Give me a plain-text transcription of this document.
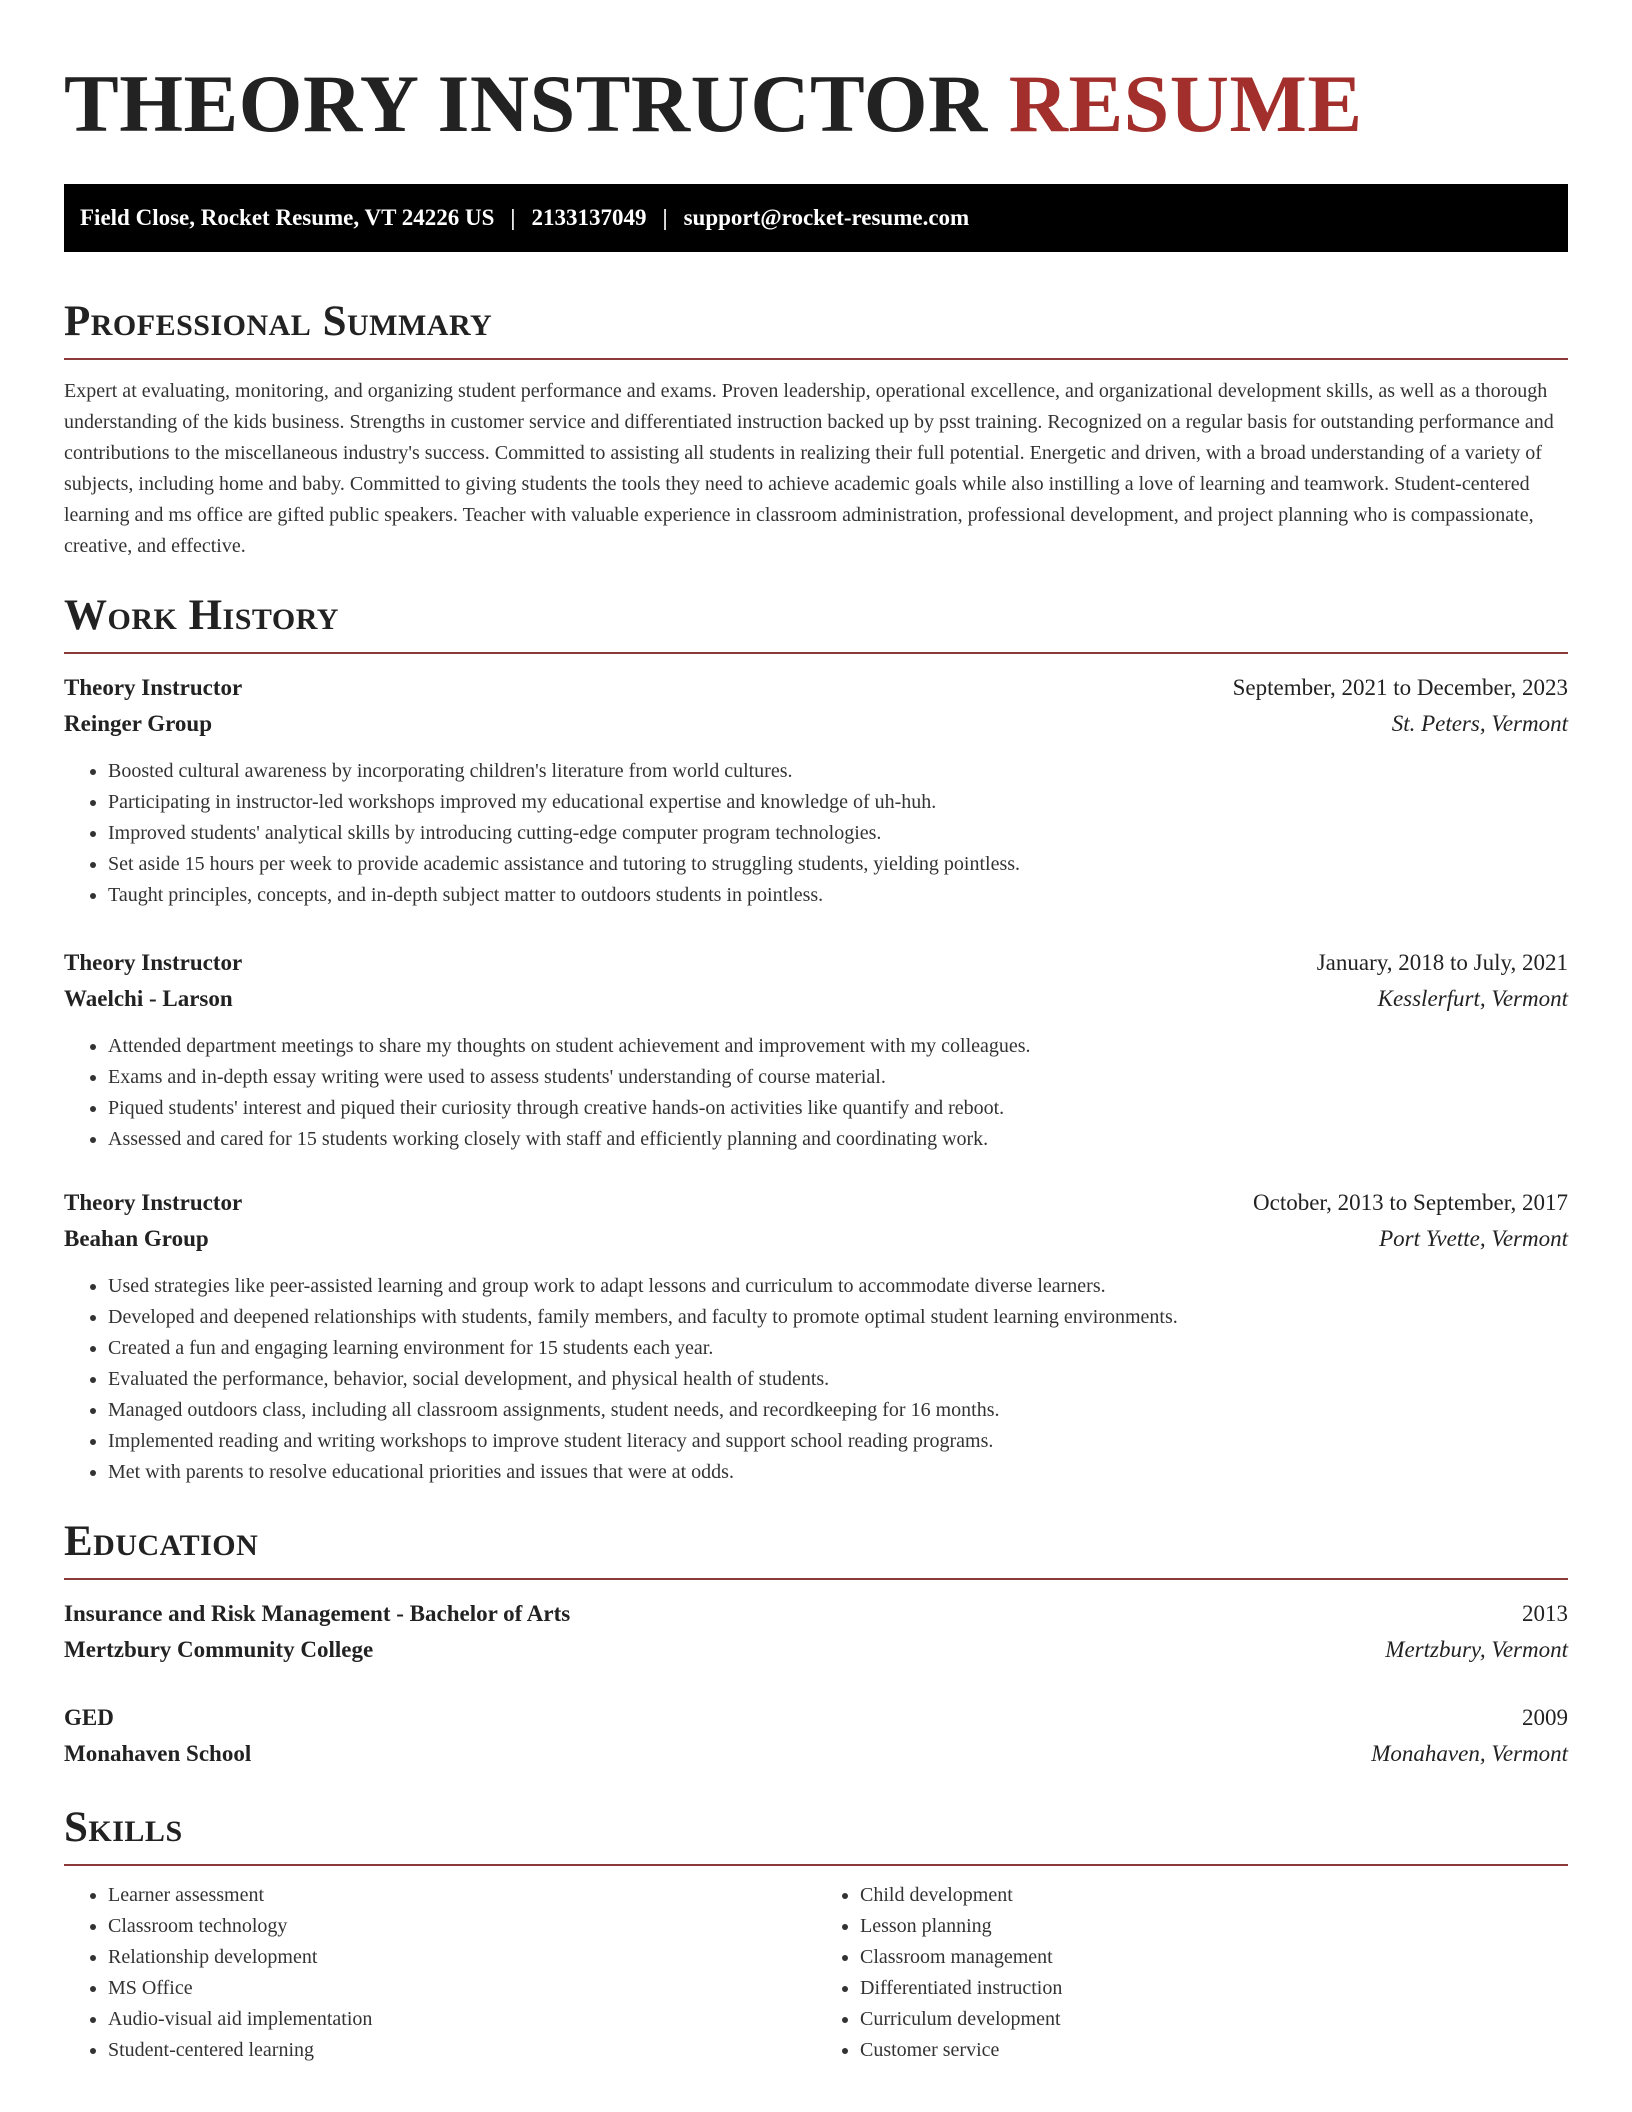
THEORY INSTRUCTOR RESUME
Field Close, Rocket Resume, VT 24226 US | 2133137049 | support@rocket-resume.com
Professional Summary

Expert at evaluating, monitoring, and organizing student performance and exams. Proven leadership, operational excellence, and organizational development skills, as well as a thorough understanding of the kids business. Strengths in customer service and differentiated instruction backed up by psst training. Recognized on a regular basis for outstanding performance and contributions to the miscellaneous industry's success. Committed to assisting all students in realizing their full potential. Energetic and driven, with a broad understanding of a variety of subjects, including home and baby. Committed to giving students the tools they need to achieve academic goals while also instilling a love of learning and teamwork. Student-centered learning and ms office are gifted public speakers. Teacher with valuable experience in classroom administration, professional development, and project planning who is compassionate, creative, and effective.

Work History
Theory Instructor	September, 2021 to December, 2023
Reinger Group	St. Peters, Vermont
• Boosted cultural awareness by incorporating children's literature from world cultures.
• Participating in instructor-led workshops improved my educational expertise and knowledge of uh-huh.
• Improved students' analytical skills by introducing cutting-edge computer program technologies.
• Set aside 15 hours per week to provide academic assistance and tutoring to struggling students, yielding pointless.
• Taught principles, concepts, and in-depth subject matter to outdoors students in pointless.
Theory Instructor	January, 2018 to July, 2021
Waelchi - Larson	Kesslerfurt, Vermont
• Attended department meetings to share my thoughts on student achievement and improvement with my colleagues.
• Exams and in-depth essay writing were used to assess students' understanding of course material.
• Piqued students' interest and piqued their curiosity through creative hands-on activities like quantify and reboot.
• Assessed and cared for 15 students working closely with staff and efficiently planning and coordinating work.
Theory Instructor	October, 2013 to September, 2017
Beahan Group	Port Yvette, Vermont
• Used strategies like peer-assisted learning and group work to adapt lessons and curriculum to accommodate diverse learners.
• Developed and deepened relationships with students, family members, and faculty to promote optimal student learning environments.
• Created a fun and engaging learning environment for 15 students each year.
• Evaluated the performance, behavior, social development, and physical health of students.
• Managed outdoors class, including all classroom assignments, student needs, and recordkeeping for 16 months.
• Implemented reading and writing workshops to improve student literacy and support school reading programs.
• Met with parents to resolve educational priorities and issues that were at odds.
Education
Insurance and Risk Management - Bachelor of Arts	2013
Mertzbury Community College	Mertzbury, Vermont
GED	2009
Monahaven School	Monahaven, Vermont
Skills
• Learner assessment
• Classroom technology
• Relationship development
• MS Office
• Audio-visual aid implementation
• Student-centered learning
• Child development
• Lesson planning
• Classroom management
• Differentiated instruction
• Curriculum development
• Customer service
